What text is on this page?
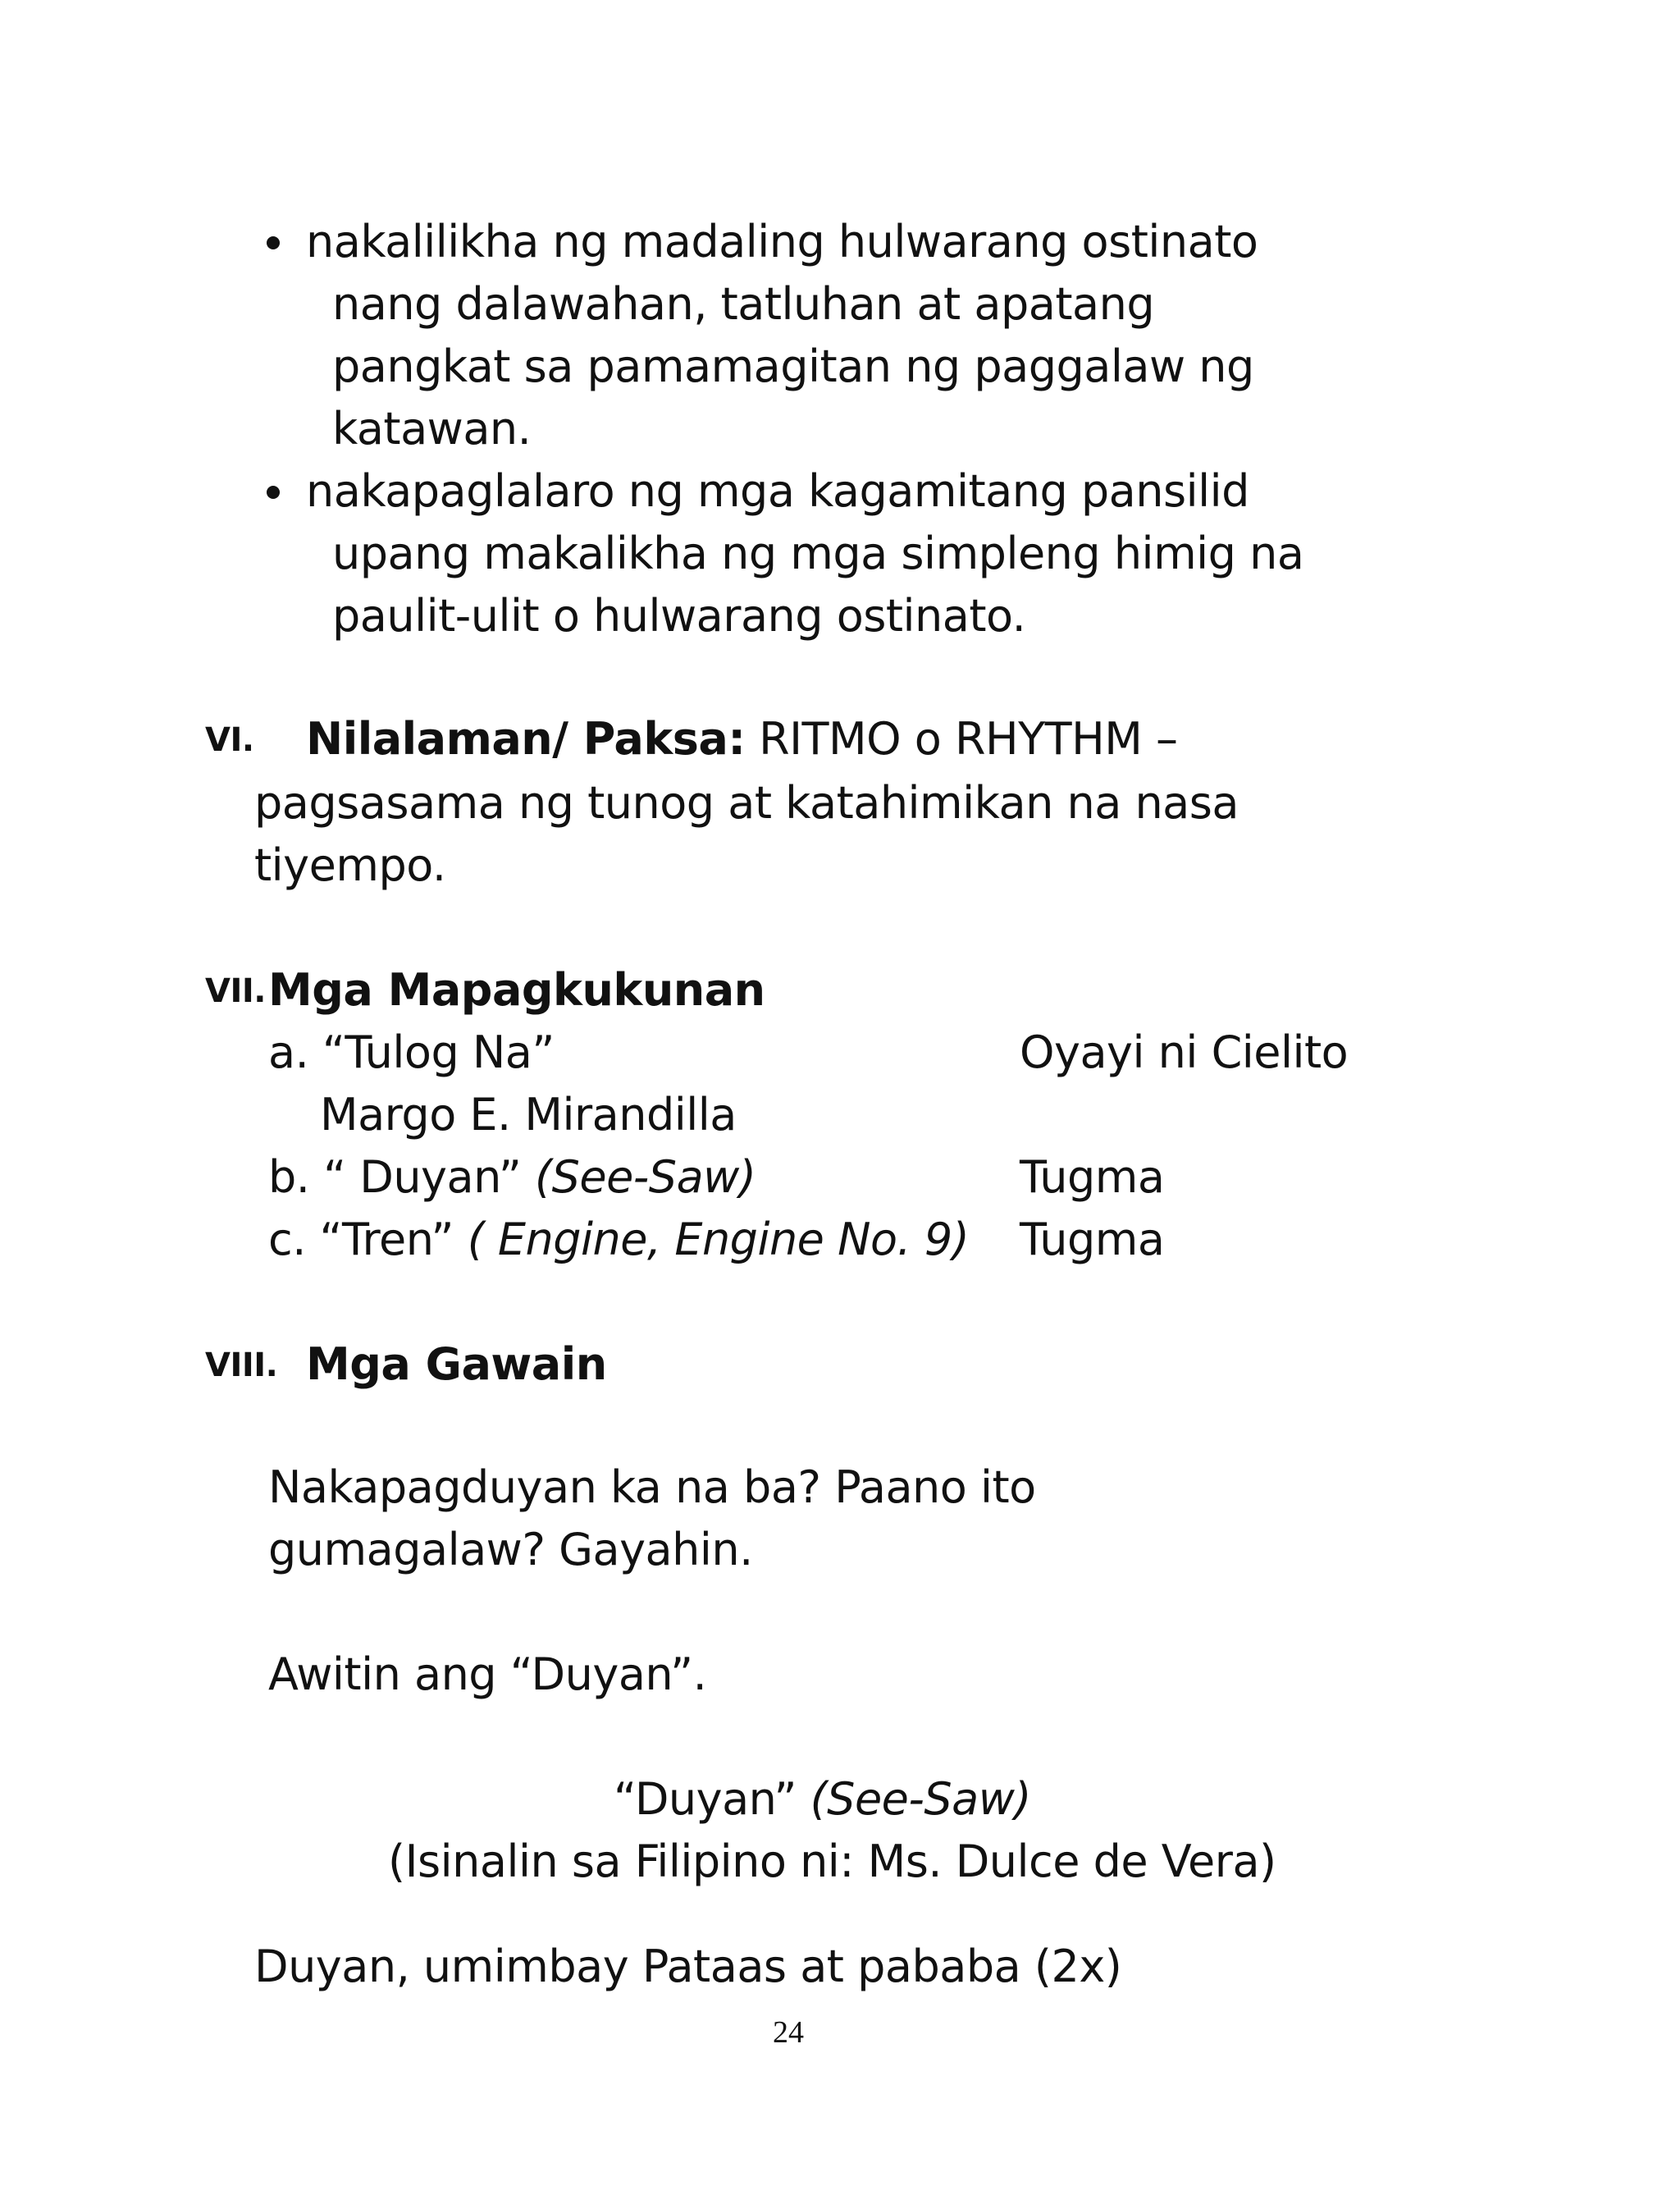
nakalilikha ng madaling hulwarang ostinato
nang dalawahan, tatluhan at apatang
pangkat sa pamamagitan ng paggalaw ng
katawan.
nakapaglalaro ng mga kagamitang pansilid
upang makalikha ng mga simpleng himig na
paulit-ulit o hulwarang ostinato.
VI. Nilalaman/ Paksa: RITMO o RHYTHM –
pagsasama ng tunog at katahimikan na nasa
tiyempo.
VII. Mga Mapagkukunan
a. “Tulog Na”	Oyayi ni Cielito
Margo E. Mirandilla
b. “ Duyan” (See-Saw)	Tugma
c. “Tren” ( Engine, Engine No. 9) Tugma
VIII. Mga Gawain
Nakapagduyan ka na ba? Paano ito
gumagalaw? Gayahin.
Awitin ang “Duyan”.
“Duyan” (See-Saw)
(Isinalin sa Filipino ni: Ms. Dulce de Vera)
Duyan, umimbay Pataas at pababa (2x)
24
